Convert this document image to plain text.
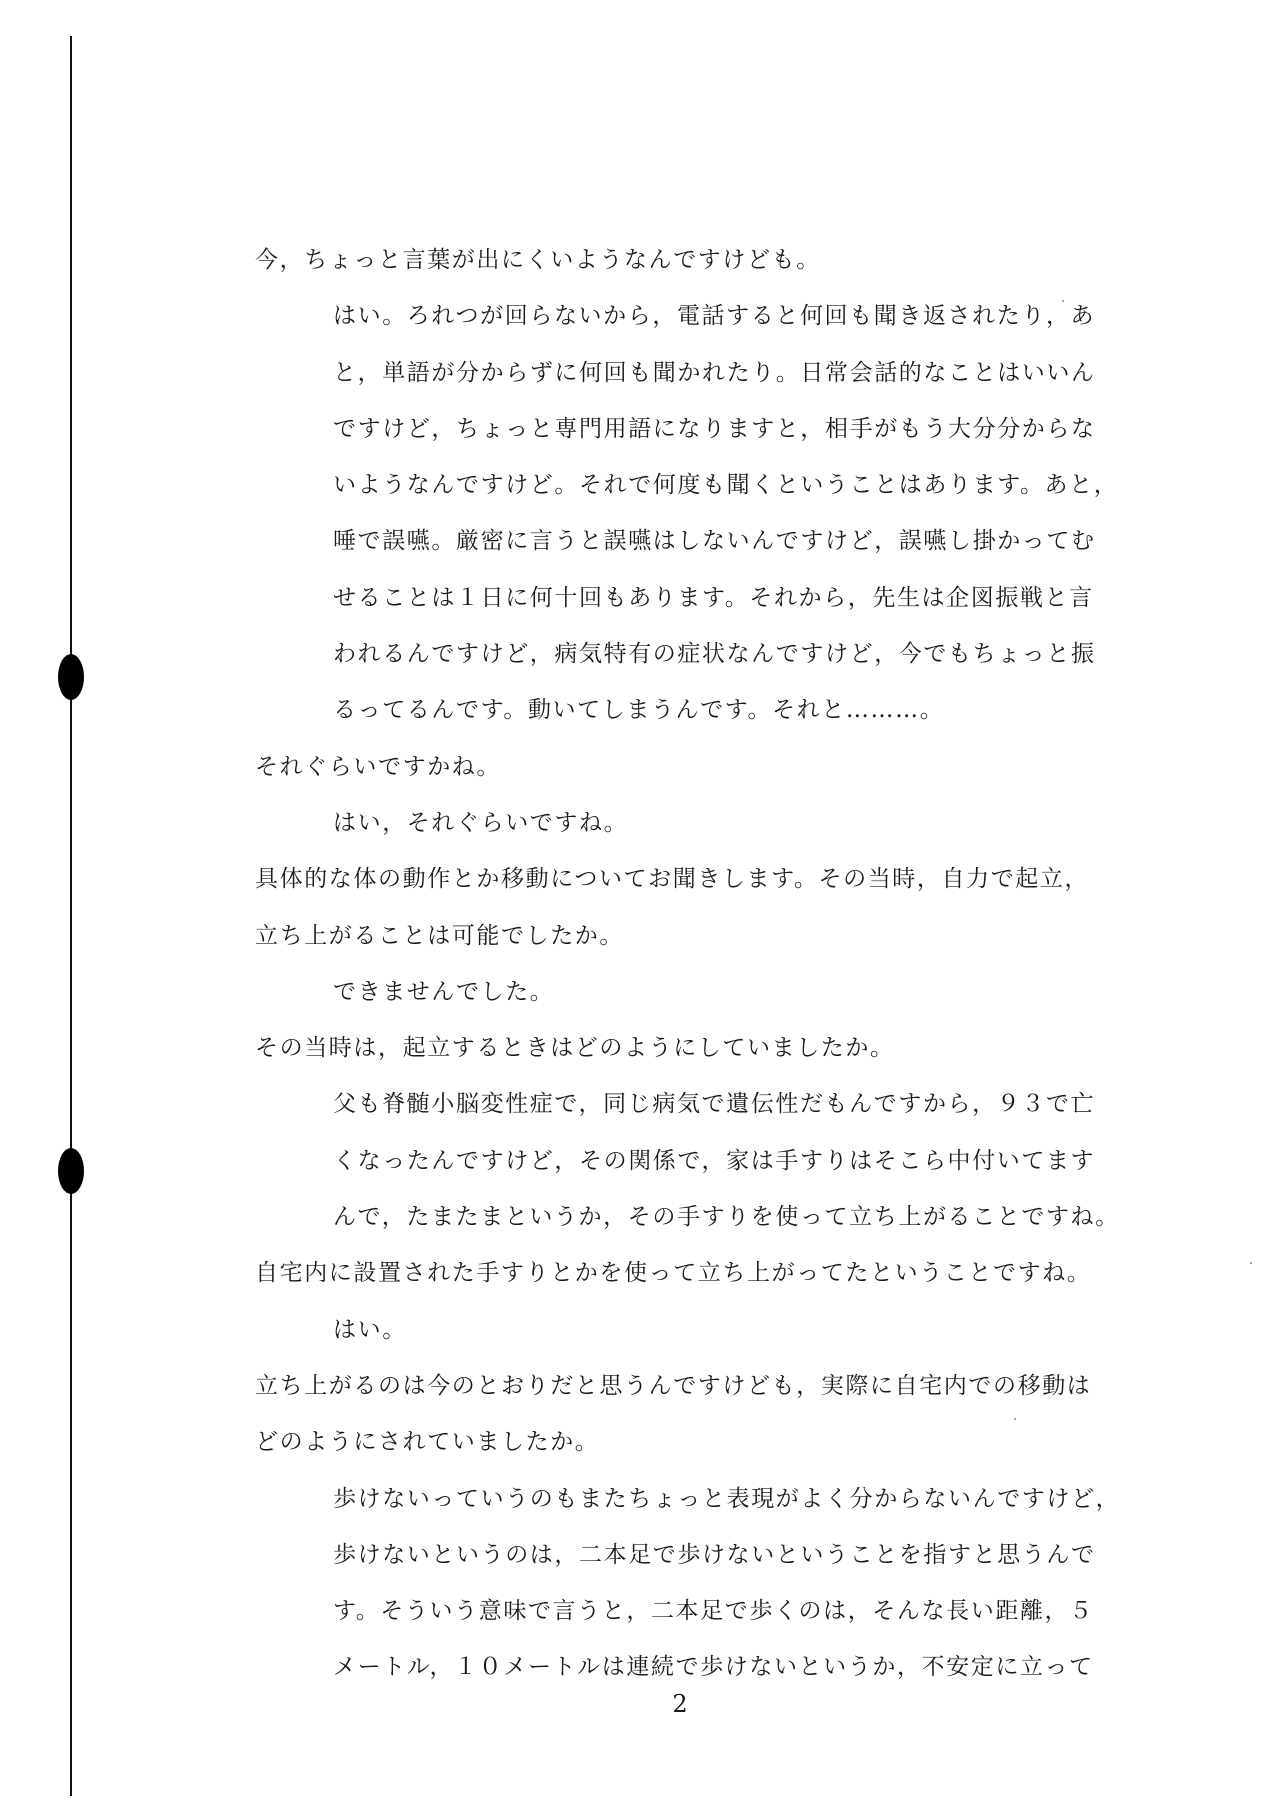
今，ちょっと言葉が出にくいようなんですけども。
はい。ろれつが回らないから，電話すると何回も聞き返されたり，あ
と，単語が分からずに何回も聞かれたり。日常会話的なことはいいん
ですけど，ちょっと専門用語になりますと，相手がもう大分分からな
いようなんですけど。それで何度も聞くということはあります。あと，
唾で誤嚥。厳密に言うと誤嚥はしないんですけど，誤嚥し掛かってむ
せることは１日に何十回もあります。それから，先生は企図振戦と言
われるんですけど，病気特有の症状なんですけど，今でもちょっと振
るってるんです。動いてしまうんです。それと………。
それぐらいですかね。
はい，それぐらいですね。
具体的な体の動作とか移動についてお聞きします。その当時，自力で起立，
立ち上がることは可能でしたか。
できませんでした。
その当時は，起立するときはどのようにしていましたか。
父も脊髄小脳変性症で，同じ病気で遺伝性だもんですから，９３で亡
くなったんですけど，その関係で，家は手すりはそこら中付いてます
んで，たまたまというか，その手すりを使って立ち上がることですね。
自宅内に設置された手すりとかを使って立ち上がってたということですね。
はい。
立ち上がるのは今のとおりだと思うんですけども，実際に自宅内での移動は
どのようにされていましたか。
歩けないっていうのもまたちょっと表現がよく分からないんですけど，
歩けないというのは，二本足で歩けないということを指すと思うんで
す。そういう意味で言うと，二本足で歩くのは，そんな長い距離，５
メートル，１０メートルは連続で歩けないというか，不安定に立って
2
